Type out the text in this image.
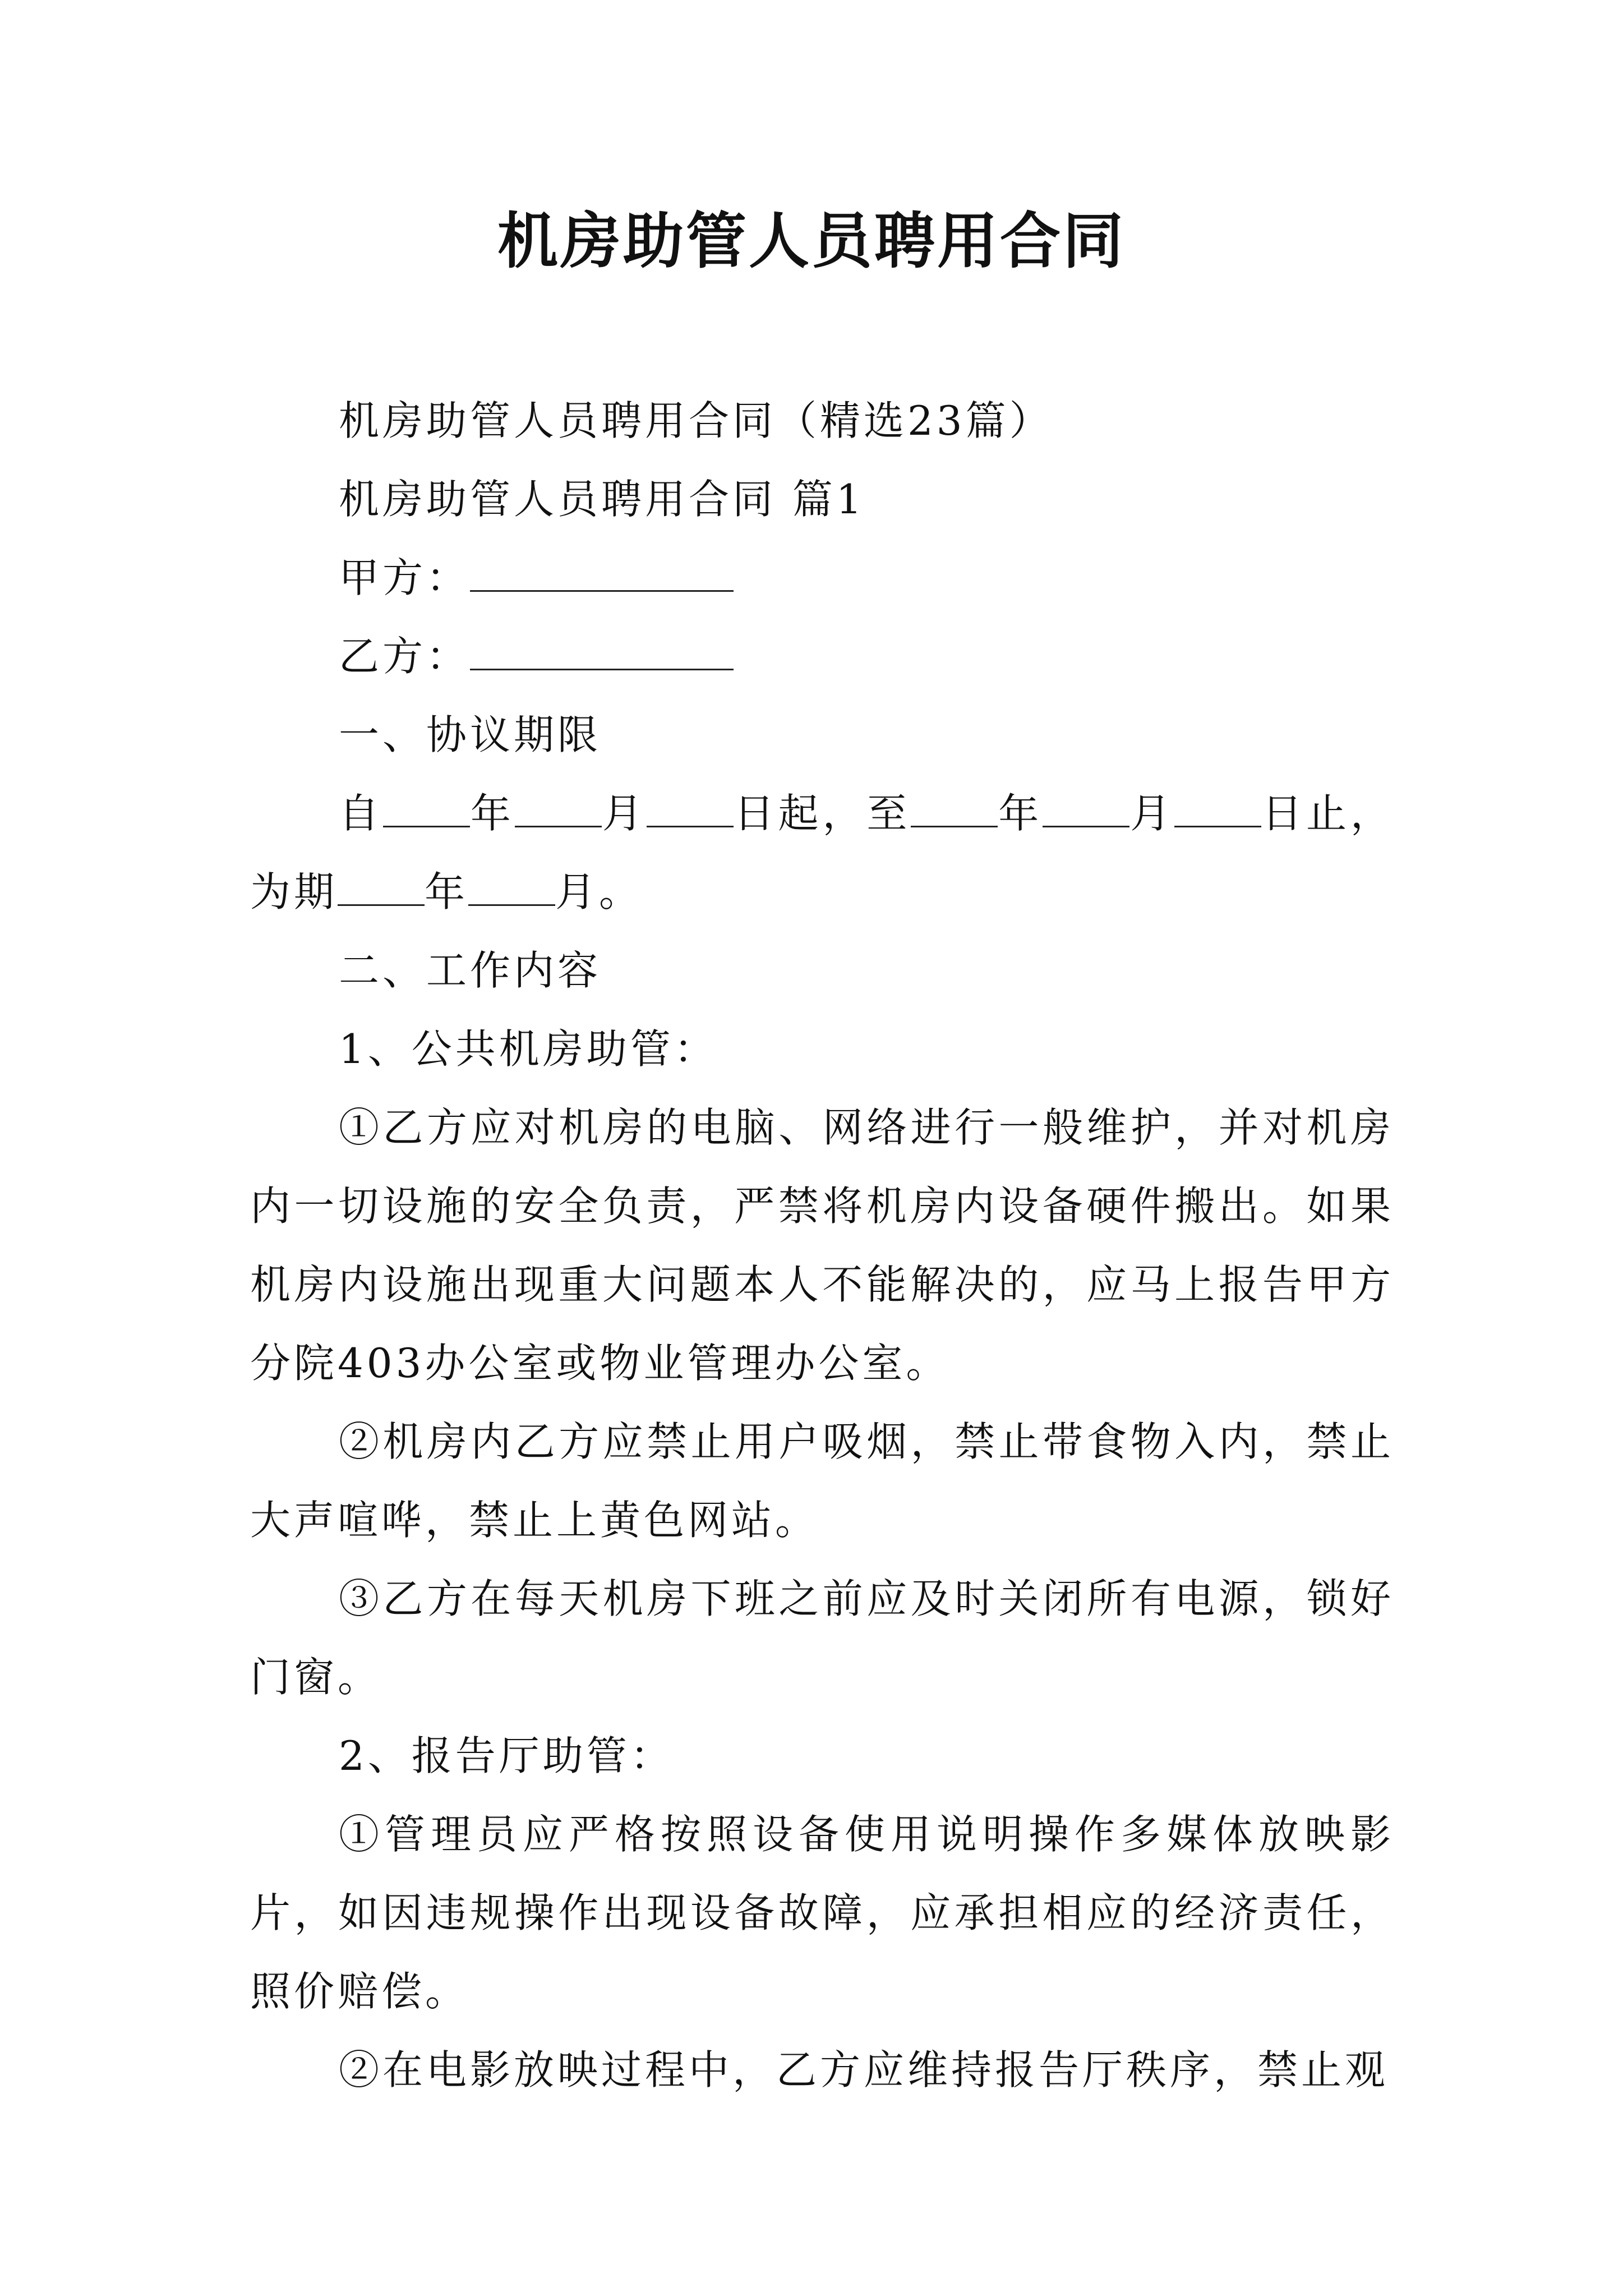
机房助管人员聘用合同

机房助管人员聘用合同（精选23篇）

机房助管人员聘用合同 篇1

甲方：

乙方：

一、协议期限

自 年 月 日起，至 年 月 日止，为期 年 月。

二、工作内容

1、公共机房助管：

①乙方应对机房的电脑、网络进行一般维护，并对机房内一切设施的安全负责，严禁将机房内设备硬件搬出。如果机房内设施出现重大问题本人不能解决的，应马上报告甲方分院403办公室或物业管理办公室。

②机房内乙方应禁止用户吸烟，禁止带食物入内，禁止大声喧哗，禁止上黄色网站。

③乙方在每天机房下班之前应及时关闭所有电源，锁好门窗。

2、报告厅助管：

①管理员应严格按照设备使用说明操作多媒体放映影片，如因违规操作出现设备故障，应承担相应的经济责任，照价赔偿。

②在电影放映过程中，乙方应维持报告厅秩序，禁止观
